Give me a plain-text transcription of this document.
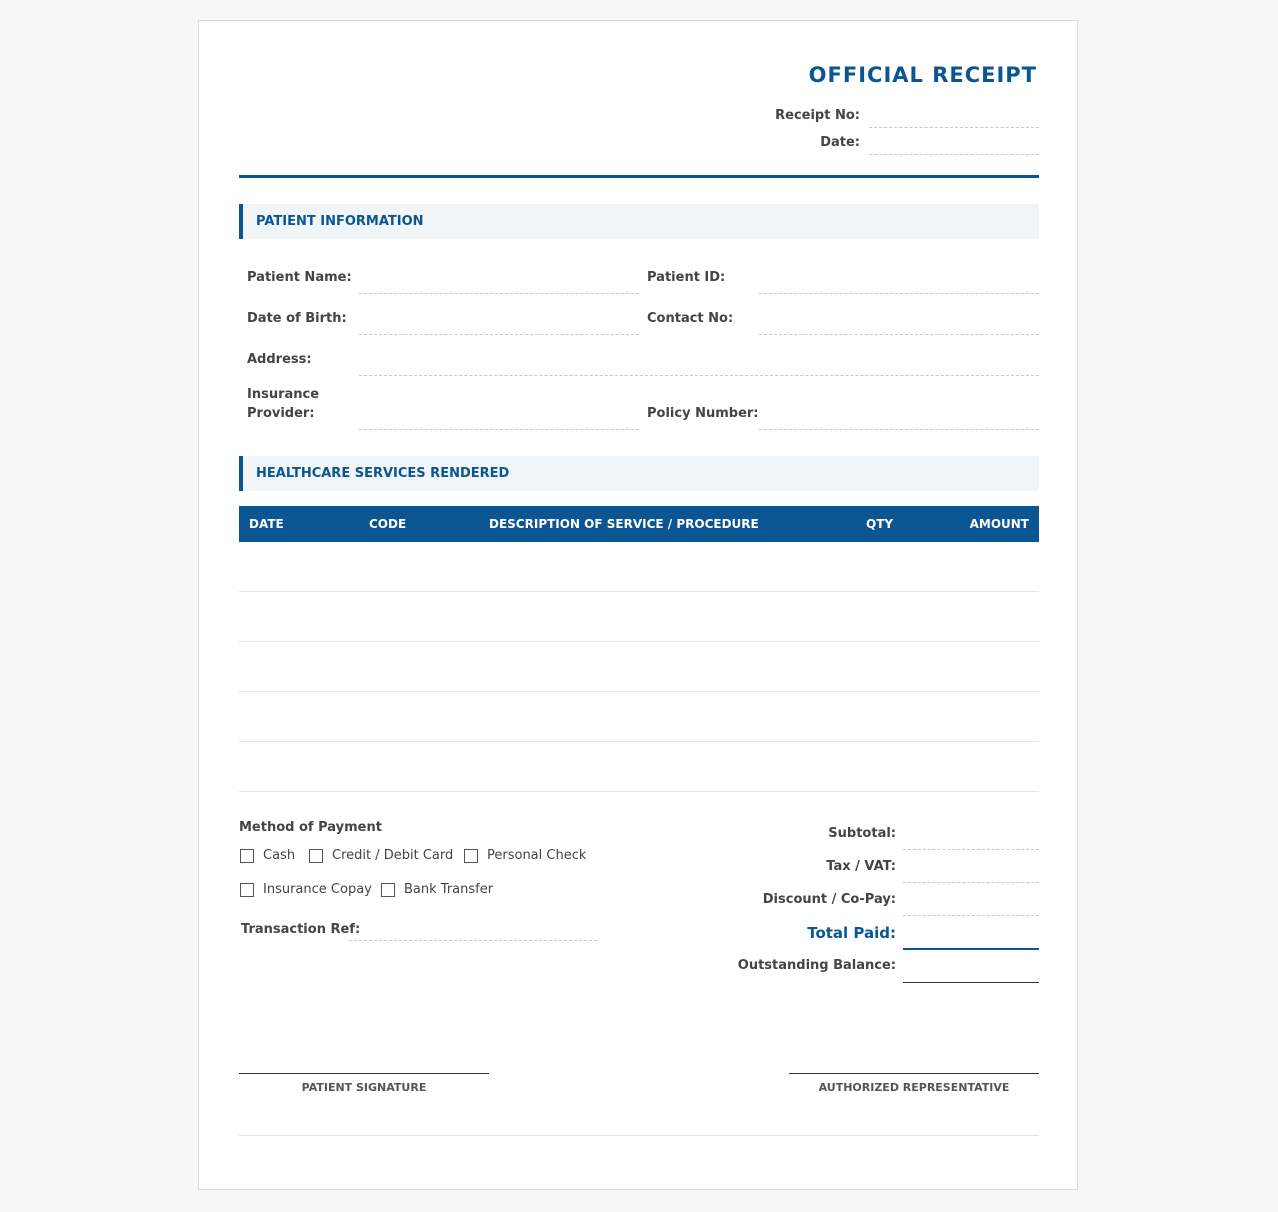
OFFICIAL RECEIPT
Receipt No:
Date:
PATIENT INFORMATION
Patient Name:	Patient ID:
Date of Birth:	Contact No:
Address:
Insurance
Provider:	Policy Number:
HEALTHCARE SERVICES RENDERED
DATE	CODE	DESCRIPTION OF SERVICE / PROCEDURE	QTY	AMOUNT
Method of Payment
Cash	Credit / Debit Card	Personal Check
Insurance Copay Bank Transfer
Transaction Ref:
Subtotal:
Tax / VAT:
Discount / Co-Pay:
Total Paid:
Outstanding Balance:
PATIENT SIGNATURE	AUTHORIZED REPRESENTATIVE
